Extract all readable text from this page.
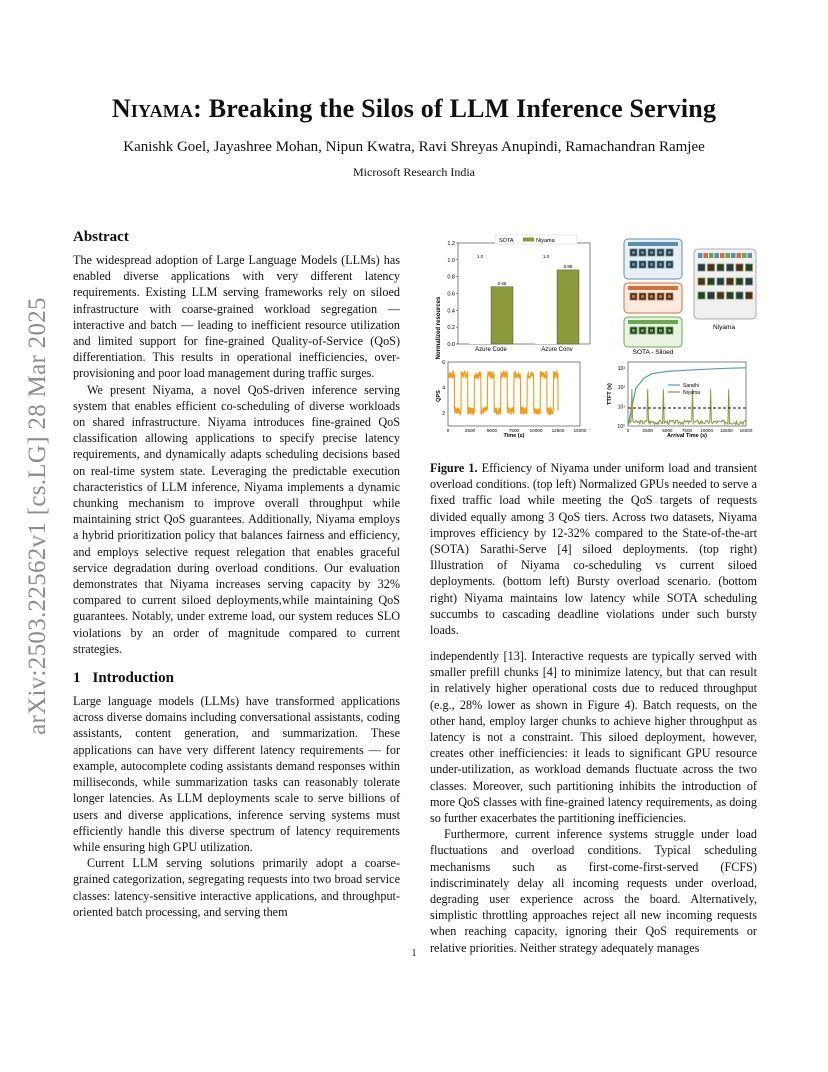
arXiv:2503.22562v1 [cs.LG] 28 Mar 2025
Niyama: Breaking the Silos of LLM Inference Serving
Kanishk Goel, Jayashree Mohan, Nipun Kwatra, Ravi Shreyas Anupindi, Ramachandran Ramjee
Microsoft Research India
Abstract

The widespread adoption of Large Language Models (LLMs) has enabled diverse applications with very different latency requirements. Existing LLM serving frameworks rely on siloed infrastructure with coarse-grained workload segregation — interactive and batch — leading to inefficient resource utilization and limited support for fine-grained Quality-of-Service (QoS) differentiation. This results in operational inefficiencies, over-provisioning and poor load management during traffic surges.

We present Niyama, a novel QoS-driven inference serving system that enables efficient co-scheduling of diverse workloads on shared infrastructure. Niyama introduces fine-grained QoS classification allowing applications to specify precise latency requirements, and dynamically adapts scheduling decisions based on real-time system state. Leveraging the predictable execution characteristics of LLM inference, Niyama implements a dynamic chunking mechanism to improve overall throughput while maintaining strict QoS guarantees. Additionally, Niyama employs a hybrid prioritization policy that balances fairness and efficiency, and employs selective request relegation that enables graceful service degradation during overload conditions. Our evaluation demonstrates that Niyama increases serving capacity by 32% compared to current siloed deployments,while maintaining QoS guarantees. Notably, under extreme load, our system reduces SLO violations by an order of magnitude compared to current strategies.

1 Introduction

Large language models (LLMs) have transformed applications across diverse domains including conversational assistants, coding assistants, content generation, and summarization. These applications can have very different latency requirements — for example, autocomplete coding assistants demand responses within milliseconds, while summarization tasks can reasonably tolerate longer latencies. As LLM deployments scale to serve billions of users and diverse applications, inference serving systems must efficiently handle this diverse spectrum of latency requirements while ensuring high GPU utilization.

Current LLM serving solutions primarily adopt a coarse-grained categorization, segregating requests into two broad service classes: latency-sensitive interactive applications, and throughput-oriented batch processing, and serving them

Normalized resources 0.0
0.2
0.4
0.6
0.8
1.0
1.2
Azure Code	Azure Conv
1.0
0.68
1.0
0.88
SOTA	Niyama
SOTA - Siloed
Niyama
QPS
2
4
6
0	2500	5000	7500 10000 12500 15000
Time (s)
TTFT (s)
10⁰
10¹
10²
10³
0	2500 5000 7500 10000 12500 15000
Sarathi
Niyama
Arrival Time (s)
Figure 1. Efficiency of Niyama under uniform load and transient overload conditions. (top left) Normalized GPUs needed to serve a fixed traffic load while meeting the QoS targets of requests divided equally among 3 QoS tiers. Across two datasets, Niyama improves efficiency by 12-32% compared to the State-of-the-art (SOTA) Sarathi-Serve [4] siloed deployments. (top right) Illustration of Niyama co-scheduling vs current siloed deployments. (bottom left) Bursty overload scenario. (bottom right) Niyama maintains low latency while SOTA scheduling succumbs to cascading deadline violations under such bursty loads.

independently [13]. Interactive requests are typically served with smaller prefill chunks [4] to minimize latency, but that can result in relatively higher operational costs due to reduced throughput (e.g., 28% lower as shown in Figure 4). Batch requests, on the other hand, employ larger chunks to achieve higher throughput as latency is not a constraint. This siloed deployment, however, creates other inefficiencies: it leads to significant GPU resource under-utilization, as workload demands fluctuate across the two classes. Moreover, such partitioning inhibits the introduction of more QoS classes with fine-grained latency requirements, as doing so further exacerbates the partitioning inefficiencies.

Furthermore, current inference systems struggle under load fluctuations and overload conditions. Typical scheduling mechanisms such as first-come-first-served (FCFS) indiscriminately delay all incoming requests under overload, degrading user experience across the board. Alternatively, simplistic throttling approaches reject all new incoming requests when reaching capacity, ignoring their QoS requirements or relative priorities. Neither strategy adequately manages

1
